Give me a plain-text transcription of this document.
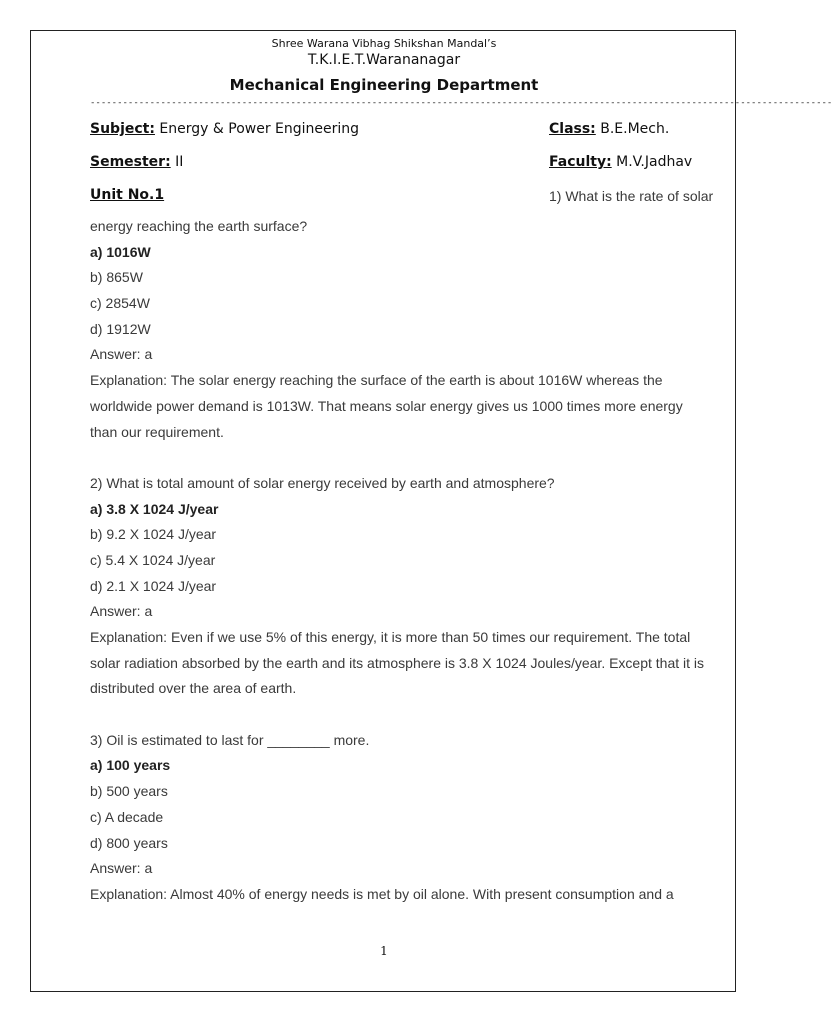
Shree Warana Vibhag Shikshan Mandal’s
T.K.I.E.T.Warananagar
Mechanical Engineering Department
-----------------------------------------------------------------------------------------------------------------------------------------
Subject: Energy & Power Engineering	Class: B.E.Mech.
Semester: II	Faculty: M.V.Jadhav
Unit No.1	1) What is the rate of solar
energy reaching the earth surface?
a) 1016W
b) 865W
c) 2854W
d) 1912W
Answer: a
Explanation: The solar energy reaching the surface of the earth is about 1016W whereas the
worldwide power demand is 1013W. That means solar energy gives us 1000 times more energy
than our requirement.
2) What is total amount of solar energy received by earth and atmosphere?
a) 3.8 X 1024 J/year
b) 9.2 X 1024 J/year
c) 5.4 X 1024 J/year
d) 2.1 X 1024 J/year
Answer: a
Explanation: Even if we use 5% of this energy, it is more than 50 times our requirement. The total
solar radiation absorbed by the earth and its atmosphere is 3.8 X 1024 Joules/year. Except that it is
distributed over the area of earth.
3) Oil is estimated to last for ________ more.
a) 100 years
b) 500 years
c) A decade
d) 800 years
Answer: a
Explanation: Almost 40% of energy needs is met by oil alone. With present consumption and a
1
